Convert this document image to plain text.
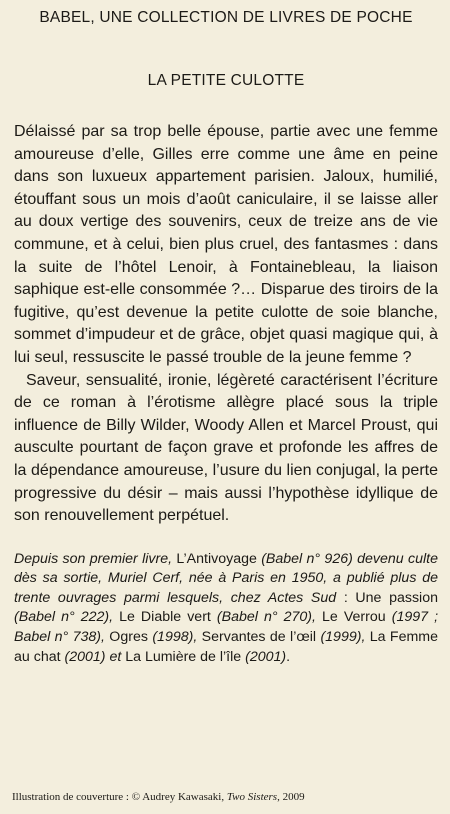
BABEL, UNE COLLECTION DE LIVRES DE POCHE
LA PETITE CULOTTE

Délaissé par sa trop belle épouse, partie avec une femme amoureuse d’elle, Gilles erre comme une âme en peine dans son luxueux appartement parisien. Jaloux, humilié, étouffant sous un mois d’août caniculaire, il se laisse aller au doux vertige des souvenirs, ceux de treize ans de vie commune, et à celui, bien plus cruel, des fantasmes : dans la suite de l’hôtel Lenoir, à Fontainebleau, la liaison saphique est-elle consommée ?… Disparue des tiroirs de la fugitive, qu’est devenue la petite culotte de soie blanche, sommet d’impudeur et de grâce, objet quasi magique qui, à lui seul, ressuscite le passé trouble de la jeune femme ?

Saveur, sensualité, ironie, légèreté caractérisent l’écriture de ce roman à l’érotisme allègre placé sous la triple influence de Billy Wilder, Woody Allen et Marcel Proust, qui ausculte pourtant de façon grave et profonde les affres de la dépendance amoureuse, l’usure du lien conjugal, la perte progressive du désir – mais aussi l’hypothèse idyllique de son renouvellement perpétuel.

Depuis son premier livre, L’Antivoyage (Babel n° 926) devenu culte dès sa sortie, Muriel Cerf, née à Paris en 1950, a publié plus de trente ouvrages parmi lesquels, chez Actes Sud : Une passion (Babel n° 222), Le Diable vert (Babel n° 270), Le Verrou (1997 ; Babel n° 738), Ogres (1998), Servantes de l’œil (1999), La Femme au chat (2001) et La Lumière de l’île (2001).
Illustration de couverture : © Audrey Kawasaki, Two Sisters, 2009
